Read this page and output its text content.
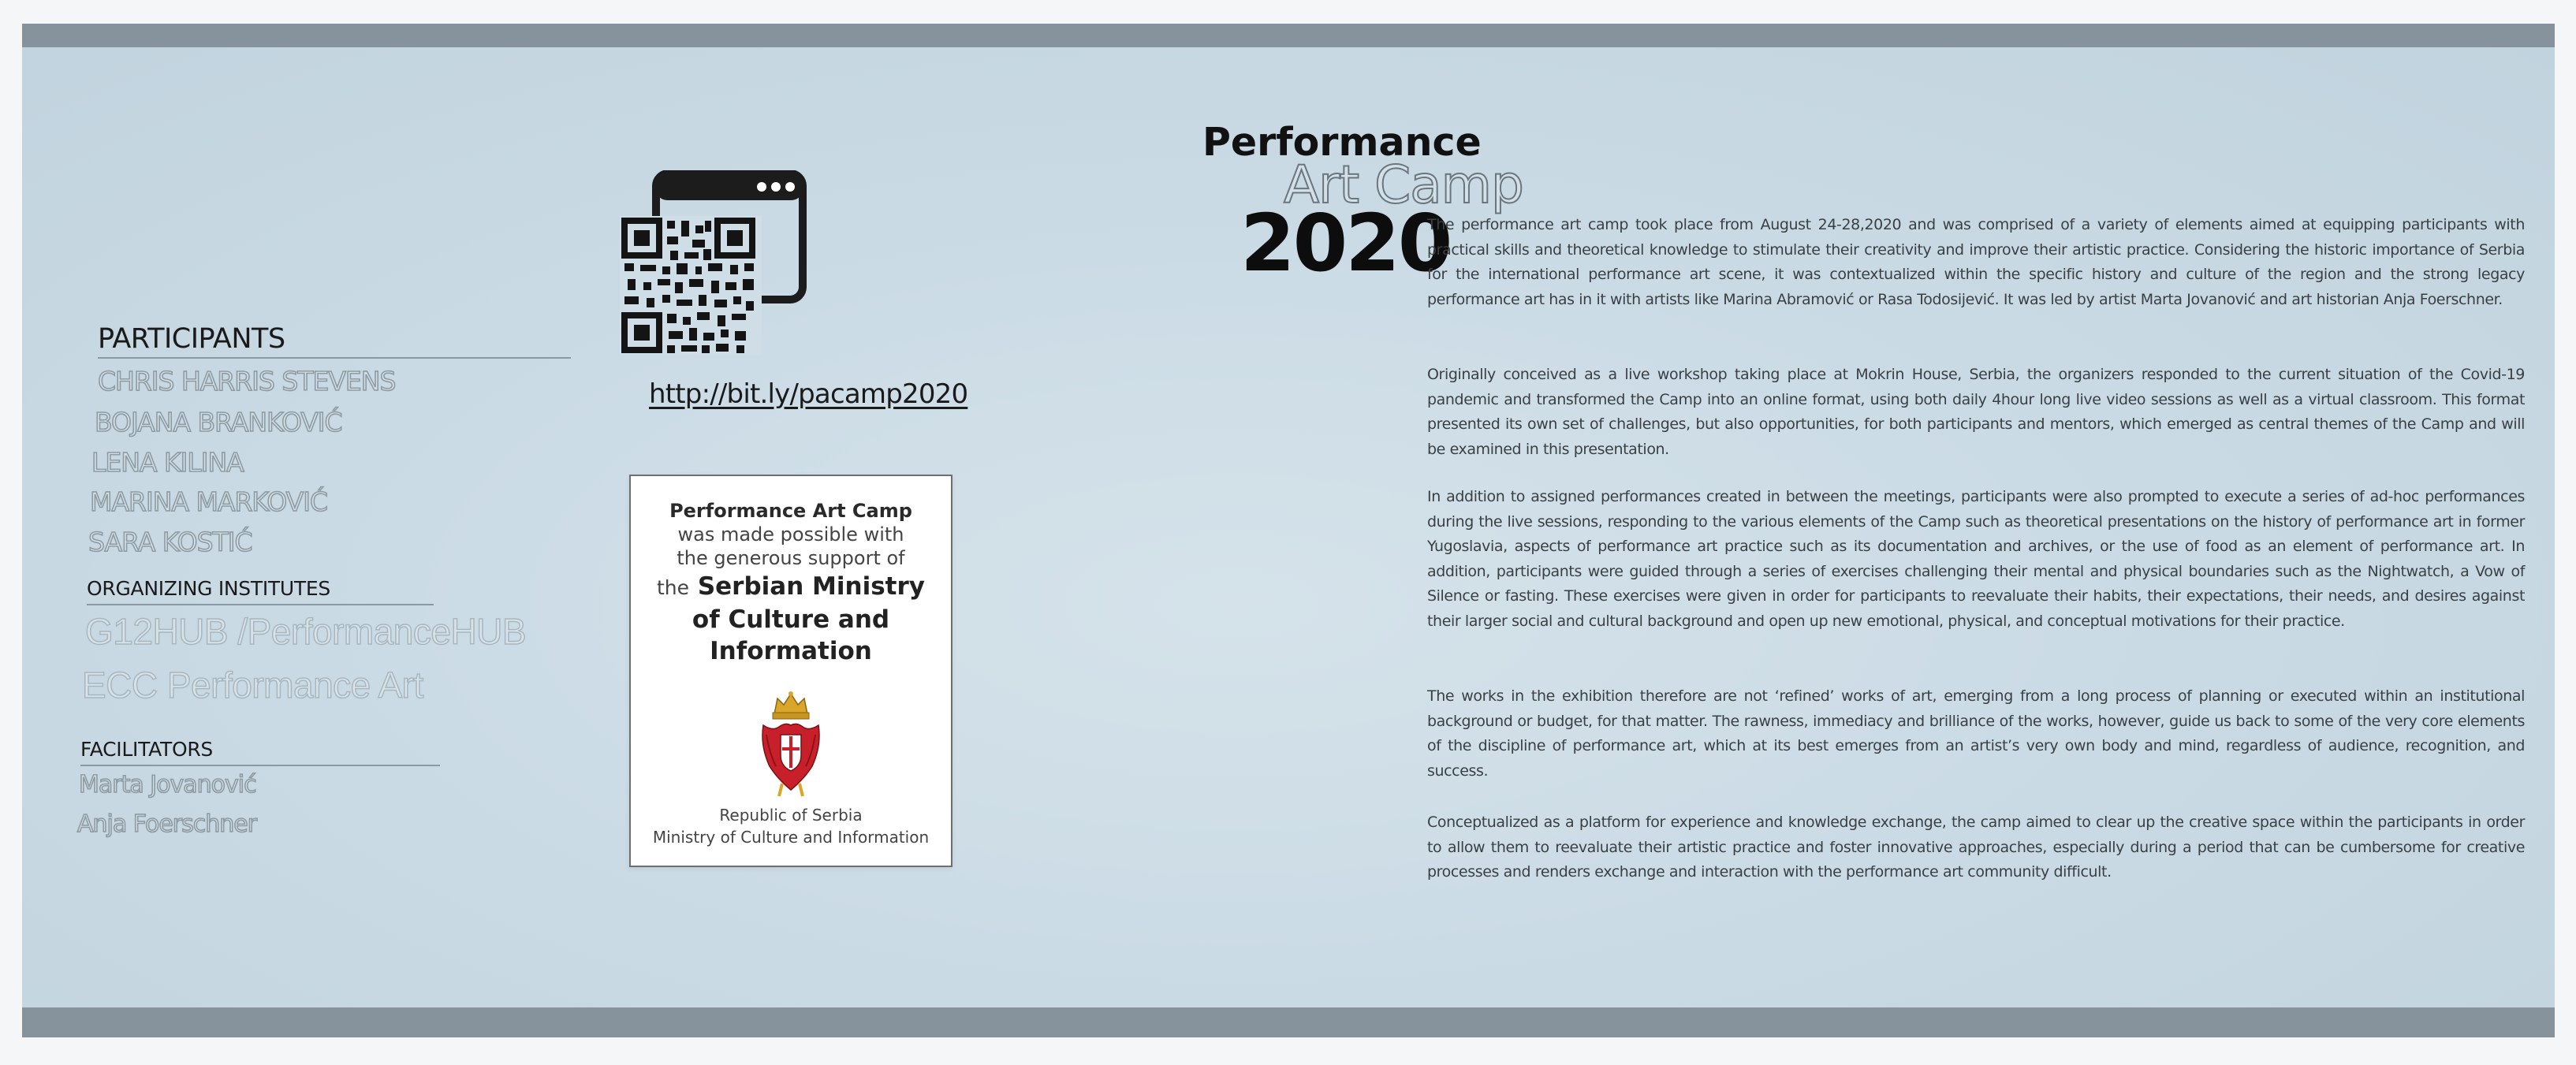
PARTICIPANTS
CHRIS HARRIS STEVENS
BOJANA BRANKOVIĆ
LENA KILINA
MARINA MARKOVIĆ
SARA KOSTIĆ
ORGANIZING INSTITUTES
G12HUB /PerformanceHUB
ECC Performance Art
FACILITATORS
Marta Jovanović
Anja Foerschner
http://bit.ly/pacamp2020
Performance Art Camp
was made possible with
the generous support of
the Serbian Ministry
of Culture and
Information
Republic of Serbia
Ministry of Culture and Information
Performance
Art Camp
2020
The performance art camp took place from August 24-28,2020 and was comprised of a variety of elements aimed at equipping participants with practical skills and theoretical knowledge to stimulate their creativity and improve their artistic practice. Considering the historic importance of Serbia for the international performance art scene, it was contextualized within the specific history and culture of the region and the strong legacy performance art has in it with artists like Marina Abramović or Rasa Todosijević. It was led by artist Marta Jovanović and art historian Anja Foerschner.
Originally conceived as a live workshop taking place at Mokrin House, Serbia, the organizers responded to the current situation of the Covid-19 pandemic and transformed the Camp into an online format, using both daily 4hour long live video sessions as well as a virtual classroom. This format presented its own set of challenges, but also opportunities, for both participants and mentors, which emerged as central themes of the Camp and will be examined in this presentation.
In addition to assigned performances created in between the meetings, participants were also prompted to execute a series of ad-hoc performances during the live sessions, responding to the various elements of the Camp such as theoretical presentations on the history of performance art in former Yugoslavia, aspects of performance art practice such as its documentation and archives, or the use of food as an element of performance art. In addition, participants were guided through a series of exercises challenging their mental and physical boundaries such as the Nightwatch, a Vow of Silence or fasting. These exercises were given in order for participants to reevaluate their habits, their expectations, their needs, and desires against their larger social and cultural background and open up new emotional, physical, and conceptual motivations for their practice.
The works in the exhibition therefore are not ‘refined’ works of art, emerging from a long process of planning or executed within an institutional background or budget, for that matter. The rawness, immediacy and brilliance of the works, however, guide us back to some of the very core elements of the discipline of performance art, which at its best emerges from an artist’s very own body and mind, regardless of audience, recognition, and success.
Conceptualized as a platform for experience and knowledge exchange, the camp aimed to clear up the creative space within the participants in order to allow them to reevaluate their artistic practice and foster innovative approaches, especially during a period that can be cumbersome for creative processes and renders exchange and interaction with the performance art community difficult.
